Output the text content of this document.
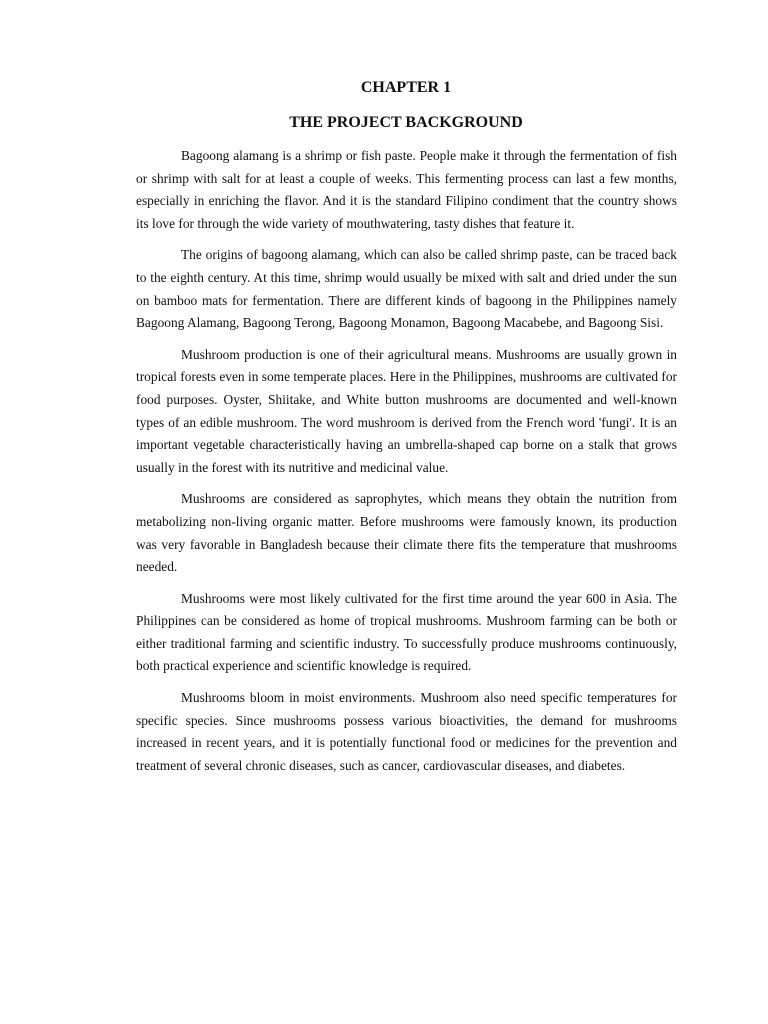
CHAPTER 1
THE PROJECT BACKGROUND

Bagoong alamang is a shrimp or fish paste. People make it through the fermentation of fish or shrimp with salt for at least a couple of weeks. This fermenting process can last a few months, especially in enriching the flavor. And it is the standard Filipino condiment that the country shows its love for through the wide variety of mouthwatering, tasty dishes that feature it.

The origins of bagoong alamang, which can also be called shrimp paste, can be traced back to the eighth century. At this time, shrimp would usually be mixed with salt and dried under the sun on bamboo mats for fermentation. There are different kinds of bagoong in the Philippines namely Bagoong Alamang, Bagoong Terong, Bagoong Monamon, Bagoong Macabebe, and Bagoong Sisi.

Mushroom production is one of their agricultural means. Mushrooms are usually grown in tropical forests even in some temperate places. Here in the Philippines, mushrooms are cultivated for food purposes. Oyster, Shiitake, and White button mushrooms are documented and well-known types of an edible mushroom. The word mushroom is derived from the French word 'fungi'. It is an important vegetable characteristically having an umbrella-shaped cap borne on a stalk that grows usually in the forest with its nutritive and medicinal value.

Mushrooms are considered as saprophytes, which means they obtain the nutrition from metabolizing non-living organic matter. Before mushrooms were famously known, its production was very favorable in Bangladesh because their climate there fits the temperature that mushrooms needed.

Mushrooms were most likely cultivated for the first time around the year 600 in Asia. The Philippines can be considered as home of tropical mushrooms. Mushroom farming can be both or either traditional farming and scientific industry. To successfully produce mushrooms continuously, both practical experience and scientific knowledge is required.

Mushrooms bloom in moist environments. Mushroom also need specific temperatures for specific species. Since mushrooms possess various bioactivities, the demand for mushrooms increased in recent years, and it is potentially functional food or medicines for the prevention and treatment of several chronic diseases, such as cancer, cardiovascular diseases, and diabetes.
